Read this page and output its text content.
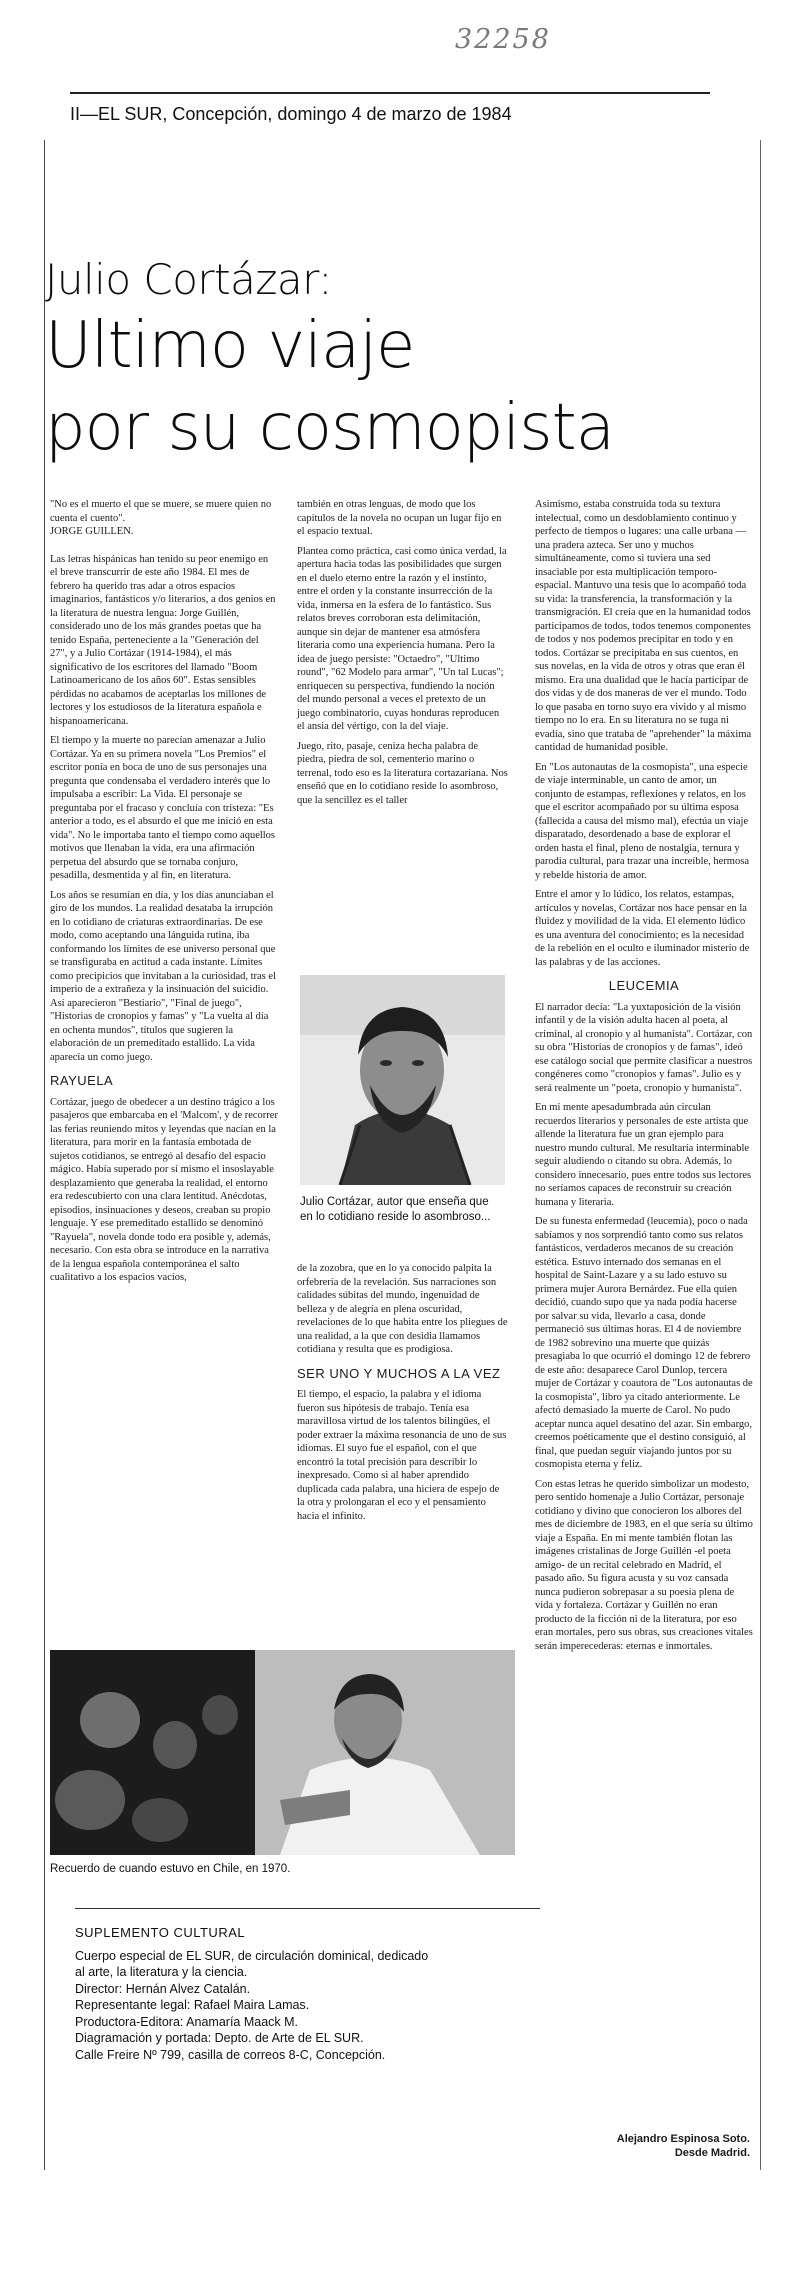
32258
II—EL SUR, Concepción, domingo 4 de marzo de 1984
Julio Cortázar:
Ultimo viaje
por su cosmopista

"No es el muerto el que se muere, se muere quien no cuenta el cuento".
JORGE GUILLEN.

Las letras hispánicas han tenido su peor enemigo en el breve transcurrir de este año 1984. El mes de febrero ha querido tras adar a otros espacios imaginarios, fantásticos y/o literarios, a dos genios en la literatura de nuestra lengua: Jorge Guillén, considerado uno de los más grandes poetas que ha tenido España, perteneciente a la "Generación del 27", y a Julio Cortázar (1914-1984), el más significativo de los escritores del llamado "Boom Latinoamericano de los años 60". Estas sensibles pérdidas no acabamos de aceptarlas los millones de lectores y los estudiosos de la literatura española e hispanoamericana.

El tiempo y la muerte no parecían amenazar a Julio Cortázar. Ya en su primera novela "Los Premios" el escritor ponía en boca de uno de sus personajes una pregunta que condensaba el verdadero interés que lo impulsaba a escribir: La Vida. El personaje se preguntaba por el fracaso y concluía con tristeza: "Es anterior a todo, es el absurdo el que me inició en esta vida". No le importaba tanto el tiempo como aquellos motivos que llenaban la vida, era una afirmación perpetua del absurdo que se tornaba conjuro, pesadilla, desmentida y al fin, en literatura.

Los años se resumían en día, y los días anunciaban el giro de los mundos. La realidad desataba la irrupción en lo cotidiano de criaturas extraordinarias. De ese modo, como aceptando una lánguida rutina, iba conformando los límites de ese universo personal que se transfiguraba en actitud a cada instante. Límites como precipicios que invitaban a la curiosidad, tras el imperio de a extrañeza y la insinuación del suicidio. Así aparecieron "Bestiario", "Final de juego", "Historias de cronopios y famas" y "La vuelta al día en ochenta mundos", títulos que sugieren la elaboración de un premeditado estallido. La vida aparecía un como juego.

RAYUELA

Cortázar, juego de obedecer a un destino trágico a los pasajeros que embarcaba en el 'Malcom', y de recorrer las ferias reuniendo mitos y leyendas que nacían en la literatura, para morir en la fantasía embotada de sujetos cotidianos, se entregó al desafío del espacio mágico. Había superado por sí mismo el insoslayable desplazamiento que generaba la realidad, el entorno era redescubierto con una clara lentitud. Anécdotas, episodios, insinuaciones y deseos, creaban su propio lenguaje. Y ese premeditado estallido se denominó "Rayuela", novela donde todo era posible y, además, necesario. Con esta obra se introduce en la narrativa de la lengua española contemporánea el salto cualitativo a los espacios vacíos,

también en otras lenguas, de modo que los capítulos de la novela no ocupan un lugar fijo en el espacio textual.

Plantea como práctica, casi como única verdad, la apertura hacia todas las posibilidades que surgen en el duelo eterno entre la razón y el instinto, entre el orden y la constante insurrección de la vida, inmersa en la esfera de lo fantástico. Sus relatos breves corroboran esta delimitación, aunque sin dejar de mantener esa atmósfera literaria como una experiencia humana. Pero la idea de juego persiste: "Octaedro", "Ultimo round", "62 Modelo para armar", "Un tal Lucas"; enriquecen su perspectiva, fundiendo la noción del mundo personal a veces el pretexto de un juego combinatorio, cuyas honduras reproducen el ansia del vértigo, con la del viaje.

Juego, rito, pasaje, ceniza hecha palabra de piedra, piedra de sol, cementerio marino o terrenal, todo eso es la literatura cortazariana. Nos enseñó que en lo cotidiano reside lo asombroso, que la sencillez es el taller

Julio Cortázar, autor que enseña que en lo cotidiano reside lo asombroso...

de la zozobra, que en lo ya conocido palpita la orfebrería de la revelación. Sus narraciones son calidades súbitas del mundo, ingenuidad de belleza y de alegría en plena oscuridad, revelaciones de lo que habita entre los pliegues de una realidad, a la que con desidia llamamos cotidiana y resulta que es prodigiosa.

SER UNO Y MUCHOS A LA VEZ

El tiempo, el espacio, la palabra y el idioma fueron sus hipótesis de trabajo. Tenía esa maravillosa virtud de los talentos bilingües, el poder extraer la máxima resonancia de uno de sus idiomas. El suyo fue el español, con el que encontró la total precisión para describir lo inexpresado. Como si al haber aprendido duplicada cada palabra, una hiciera de espejo de la otra y prolongaran el eco y el pensamiento hacia el infinito.

Asimismo, estaba construida toda su textura intelectual, como un desdoblamiento continuo y perfecto de tiempos o lugares: una calle urbana — una pradera azteca. Ser uno y muchos simultáneamente, como si tuviera una sed insaciable por esta multiplicación temporo-espacial. Mantuvo una tesis que lo acompañó toda su vida: la transferencia, la transformación y la transmigración. El creía que en la humanidad todos participamos de todos, todos tenemos componentes de todos y nos podemos precipitar en todo y en todos. Cortázar se precipitaba en sus cuentos, en sus novelas, en la vida de otros y otras que eran él mismo. Era una dualidad que le hacía participar de dos vidas y de dos maneras de ver el mundo. Todo lo que pasaba en torno suyo era vivido y al mismo tiempo no lo era. En su literatura no se tuga ni evadía, sino que trataba de "aprehender" la máxima cantidad de humanidad posible.

En "Los autonautas de la cosmopista", una especie de viaje interminable, un canto de amor, un conjunto de estampas, reflexiones y relatos, en los que el escritor acompañado por su última esposa (fallecida a causa del mismo mal), efectúa un viaje disparatado, desordenado a base de explorar el orden hasta el final, pleno de nostalgia, ternura y parodia cultural, para trazar una increíble, hermosa y rebelde historia de amor.

Entre el amor y lo lúdico, los relatos, estampas, artículos y novelas, Cortázar nos hace pensar en la fluidez y movilidad de la vida. El elemento lúdico es una aventura del conocimiento; es la necesidad de la rebelión en el oculto e iluminador misterio de las palabras y de las acciones.

LEUCEMIA

El narrador decía: "La yuxtaposición de la visión infantil y de la visión adulta hacen al poeta, al criminal, al cronopio y al humanista". Cortázar, con su obra "Historias de cronopios y de famas", ideó ese catálogo social que permite clasificar a nuestros congéneres como "cronopios y famas". Julio es y será realmente un "poeta, cronopio y humanista".

En mi mente apesadumbrada aún circulan recuerdos literarios y personales de este artista que allende la literatura fue un gran ejemplo para nuestro mundo cultural. Me resultaría interminable seguir aludiendo o citando su obra. Además, lo considero innecesario, pues entre todos sus lectores no seríamos capaces de reconstruir su creación humana y literaria.

De su funesta enfermedad (leucemia), poco o nada sabíamos y nos sorprendió tanto como sus relatos fantásticos, verdaderos mecanos de su creación estética. Estuvo internado dos semanas en el hospital de Saint-Lazare y a su lado estuvo su primera mujer Aurora Bernárdez. Fue ella quien decidió, cuando supo que ya nada podía hacerse por salvar su vida, llevarlo a casa, donde permaneció sus últimas horas. El 4 de noviembre de 1982 sobrevino una muerte que quizás presagiaba lo que ocurrió el domingo 12 de febrero de este año: desaparece Carol Dunlop, tercera mujer de Cortázar y coautora de "Los autonautas de la cosmopista", libro ya citado anteriormente. Le afectó demasiado la muerte de Carol. No pudo aceptar nunca aquel desatino del azar. Sin embargo, creemos poéticamente que el destino consiguió, al final, que puedan seguir viajando juntos por su cosmopista eterna y feliz.

Con estas letras he querido simbolizar un modesto, pero sentido homenaje a Julio Cortázar, personaje cotidiano y divino que conocieron los albores del mes de diciembre de 1983, en el que sería su último viaje a España. En mi mente también flotan las imágenes cristalinas de Jorge Guillén -el poeta amigo- de un recital celebrado en Madrid, el pasado año. Su figura acusta y su voz cansada nunca pudieron sobrepasar a su poesía plena de vida y fortaleza. Cortázar y Guillén no eran producto de la ficción ni de la literatura, por eso eran mortales, pero sus obras, sus creaciones vitales serán imperecederas: eternas e inmortales.

Recuerdo de cuando estuvo en Chile, en 1970.
SUPLEMENTO CULTURAL
Cuerpo especial de EL SUR, de circulación dominical, dedicado
al arte, la literatura y la ciencia.
Director: Hernán Alvez Catalán.
Representante legal: Rafael Maira Lamas.
Productora-Editora: Anamaría Maack M.
Diagramación y portada: Depto. de Arte de EL SUR.
Calle Freire Nº 799, casilla de correos 8-C, Concepción.
Alejandro Espinosa Soto.
Desde Madrid.
